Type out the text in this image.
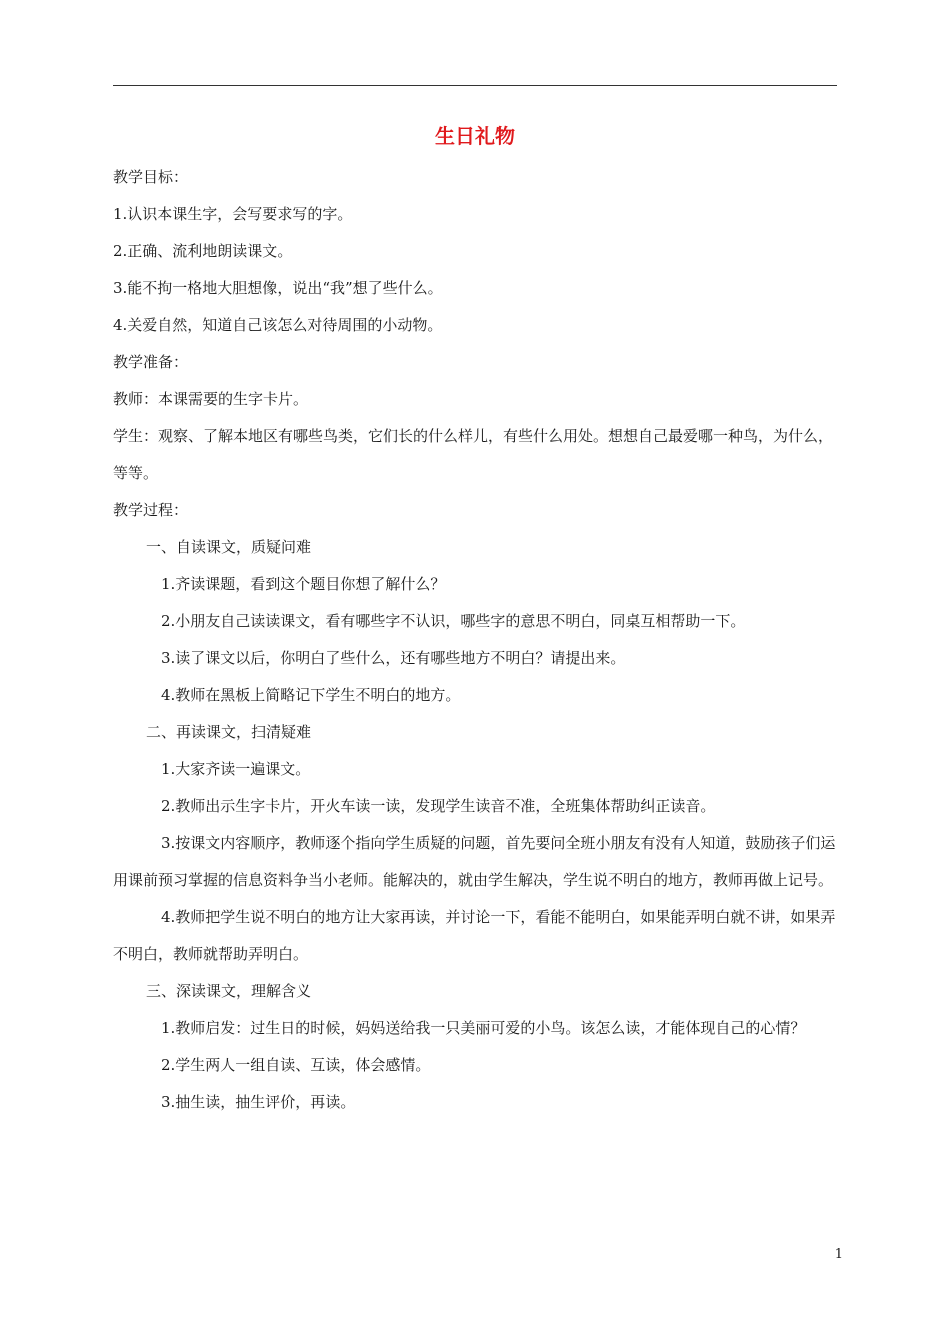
生日礼物

教学目标：

1.认识本课生字，会写要求写的字。

2.正确、流利地朗读课文。

3.能不拘一格地大胆想像，说出“我”想了些什么。

4.关爱自然，知道自己该怎么对待周围的小动物。

教学准备：

教师：本课需要的生字卡片。

学生：观察、了解本地区有哪些鸟类，它们长的什么样儿，有些什么用处。想想自己最爱哪一种鸟，为什么，等等。

教学过程：

一、自读课文，质疑问难

1.齐读课题，看到这个题目你想了解什么？

2.小朋友自己读读课文，看有哪些字不认识，哪些字的意思不明白，同桌互相帮助一下。

3.读了课文以后，你明白了些什么，还有哪些地方不明白？请提出来。

4.教师在黑板上简略记下学生不明白的地方。

二、再读课文，扫清疑难

1.大家齐读一遍课文。

2.教师出示生字卡片，开火车读一读，发现学生读音不准，全班集体帮助纠正读音。

3.按课文内容顺序，教师逐个指向学生质疑的问题，首先要问全班小朋友有没有人知道，鼓励孩子们运用课前预习掌握的信息资料争当小老师。能解决的，就由学生解决，学生说不明白的地方，教师再做上记号。

4.教师把学生说不明白的地方让大家再读，并讨论一下，看能不能明白，如果能弄明白就不讲，如果弄不明白，教师就帮助弄明白。

三、深读课文，理解含义

1.教师启发：过生日的时候，妈妈送给我一只美丽可爱的小鸟。该怎么读，才能体现自己的心情？

2.学生两人一组自读、互读，体会感情。

3.抽生读，抽生评价，再读。

1
